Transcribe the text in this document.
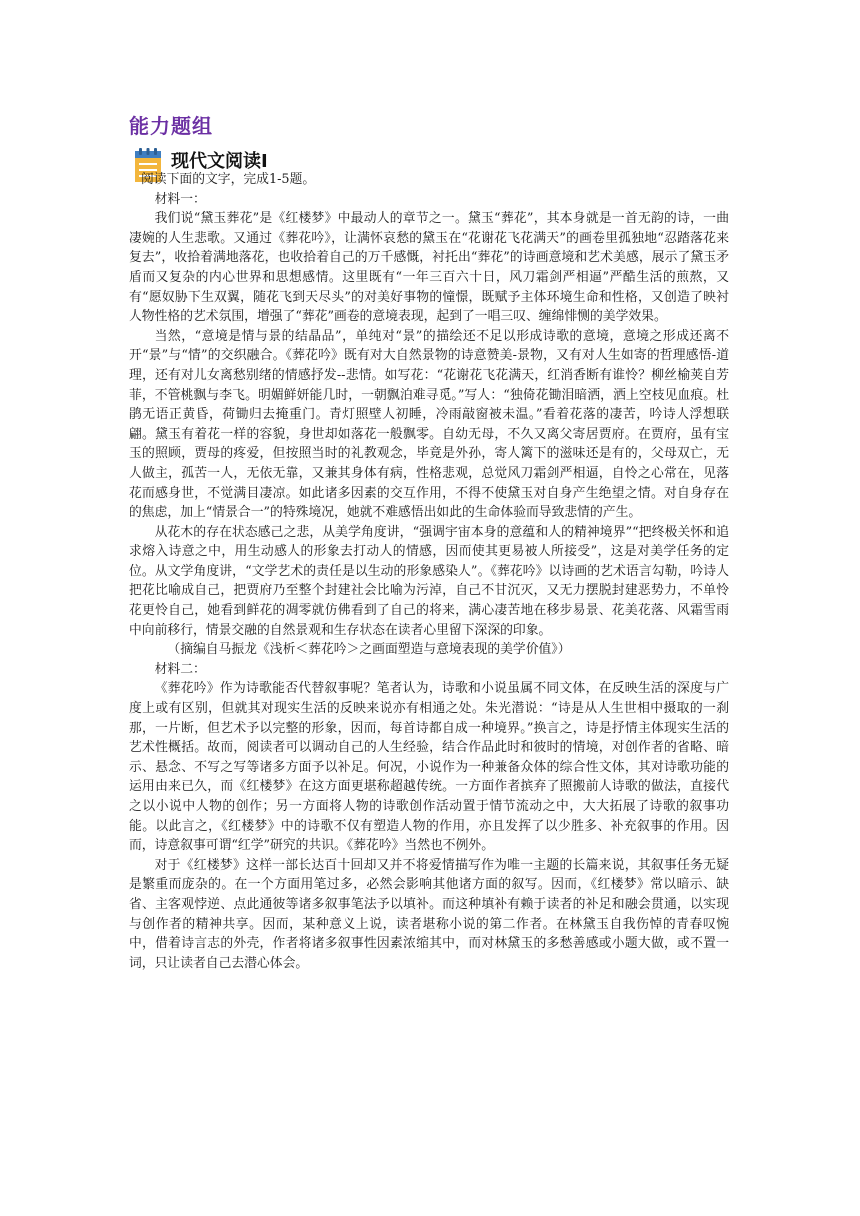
能力题组
现代文阅读Ⅰ

阅读下面的文字，完成1-5题。

材料一：

我们说“黛玉葬花”是《红楼梦》中最动人的章节之一。黛玉“葬花”，其本身就是一首无韵的诗，一曲凄婉的人生悲歌。又通过《葬花吟》，让满怀哀愁的黛玉在“花谢花飞花满天”的画卷里孤独地“忍踏落花来复去”，收拾着满地落花，也收拾着自己的万千感慨，衬托出“葬花”的诗画意境和艺术美感，展示了黛玉矛盾而又复杂的内心世界和思想感情。这里既有“一年三百六十日，风刀霜剑严相逼”严酷生活的煎熬，又有“愿奴胁下生双翼，随花飞到天尽头”的对美好事物的憧憬，既赋予主体环境生命和性格，又创造了映衬人物性格的艺术氛围，增强了“葬花”画卷的意境表现，起到了一唱三叹、缠绵悱恻的美学效果。

当然，“意境是情与景的结晶品”，单纯对“景”的描绘还不足以形成诗歌的意境，意境之形成还离不开“景”与“情”的交织融合。《葬花吟》既有对大自然景物的诗意赞美-景物，又有对人生如寄的哲理感悟-道理，还有对儿女离愁别绪的情感抒发--悲情。如写花：“花谢花飞花满天，红消香断有谁怜？柳丝榆荚自芳菲，不管桃飘与李飞。明媚鲜妍能几时，一朝飘泊难寻觅。”写人：“独倚花锄泪暗洒，洒上空枝见血痕。杜鹃无语正黄昏，荷锄归去掩重门。青灯照壁人初睡，冷雨敲窗被未温。”看着花落的凄苦，吟诗人浮想联翩。黛玉有着花一样的容貌，身世却如落花一般飘零。自幼无母，不久又离父寄居贾府。在贾府，虽有宝玉的照顾，贾母的疼爱，但按照当时的礼教观念，毕竟是外孙，寄人篱下的滋味还是有的，父母双亡，无人做主，孤苦一人，无依无靠，又兼其身体有病，性格悲观，总觉风刀霜剑严相逼，自怜之心常在，见落花而感身世，不觉满目凄凉。如此诸多因素的交互作用，不得不使黛玉对自身产生绝望之情。对自身存在的焦虑，加上“情景合一”的特殊境况，她就不难感悟出如此的生命体验而导致悲情的产生。

从花木的存在状态感己之悲，从美学角度讲，“强调宇宙本身的意蕴和人的精神境界”“把终极关怀和追求熔入诗意之中，用生动感人的形象去打动人的情感，因而使其更易被人所接受”，这是对美学任务的定位。从文学角度讲，“文学艺术的责任是以生动的形象感染人”。《葬花吟》以诗画的艺术语言勾勒，吟诗人把花比喻成自己，把贾府乃至整个封建社会比喻为污淖，自己不甘沉灭，又无力摆脱封建恶势力，不单怜花更怜自己，她看到鲜花的凋零就仿佛看到了自己的将来，满心凄苦地在移步易景、花美花落、风霜雪雨中向前移行，情景交融的自然景观和生存状态在读者心里留下深深的印象。

（摘编自马振龙《浅析＜葬花吟＞之画面塑造与意境表现的美学价值》）

材料二：

《葬花吟》作为诗歌能否代替叙事呢？笔者认为，诗歌和小说虽属不同文体，在反映生活的深度与广度上或有区别，但就其对现实生活的反映来说亦有相通之处。朱光潜说：“诗是从人生世相中摄取的一刹那，一片断，但艺术予以完整的形象，因而，每首诗都自成一种境界。”换言之，诗是抒情主体现实生活的艺术性概括。故而，阅读者可以调动自己的人生经验，结合作品此时和彼时的情境，对创作者的省略、暗示、悬念、不写之写等诸多方面予以补足。何况，小说作为一种兼备众体的综合性文体，其对诗歌功能的运用由来已久，而《红楼梦》在这方面更堪称超越传统。一方面作者摈弃了照搬前人诗歌的做法，直接代之以小说中人物的创作；另一方面将人物的诗歌创作活动置于情节流动之中，大大拓展了诗歌的叙事功能。以此言之，《红楼梦》中的诗歌不仅有塑造人物的作用，亦且发挥了以少胜多、补充叙事的作用。因而，诗意叙事可谓“红学”研究的共识。《葬花吟》当然也不例外。

对于《红楼梦》这样一部长达百十回却又并不将爱情描写作为唯一主题的长篇来说，其叙事任务无疑是繁重而庞杂的。在一个方面用笔过多，必然会影响其他诸方面的叙写。因而，《红楼梦》常以暗示、缺省、主客观悖逆、点此通彼等诸多叙事笔法予以填补。而这种填补有赖于读者的补足和融会贯通，以实现与创作者的精神共享。因而，某种意义上说，读者堪称小说的第二作者。在林黛玉自我伤悼的青春叹惋中，借着诗言志的外壳，作者将诸多叙事性因素浓缩其中，而对林黛玉的多愁善感或小题大做，或不置一词，只让读者自己去潜心体会。
